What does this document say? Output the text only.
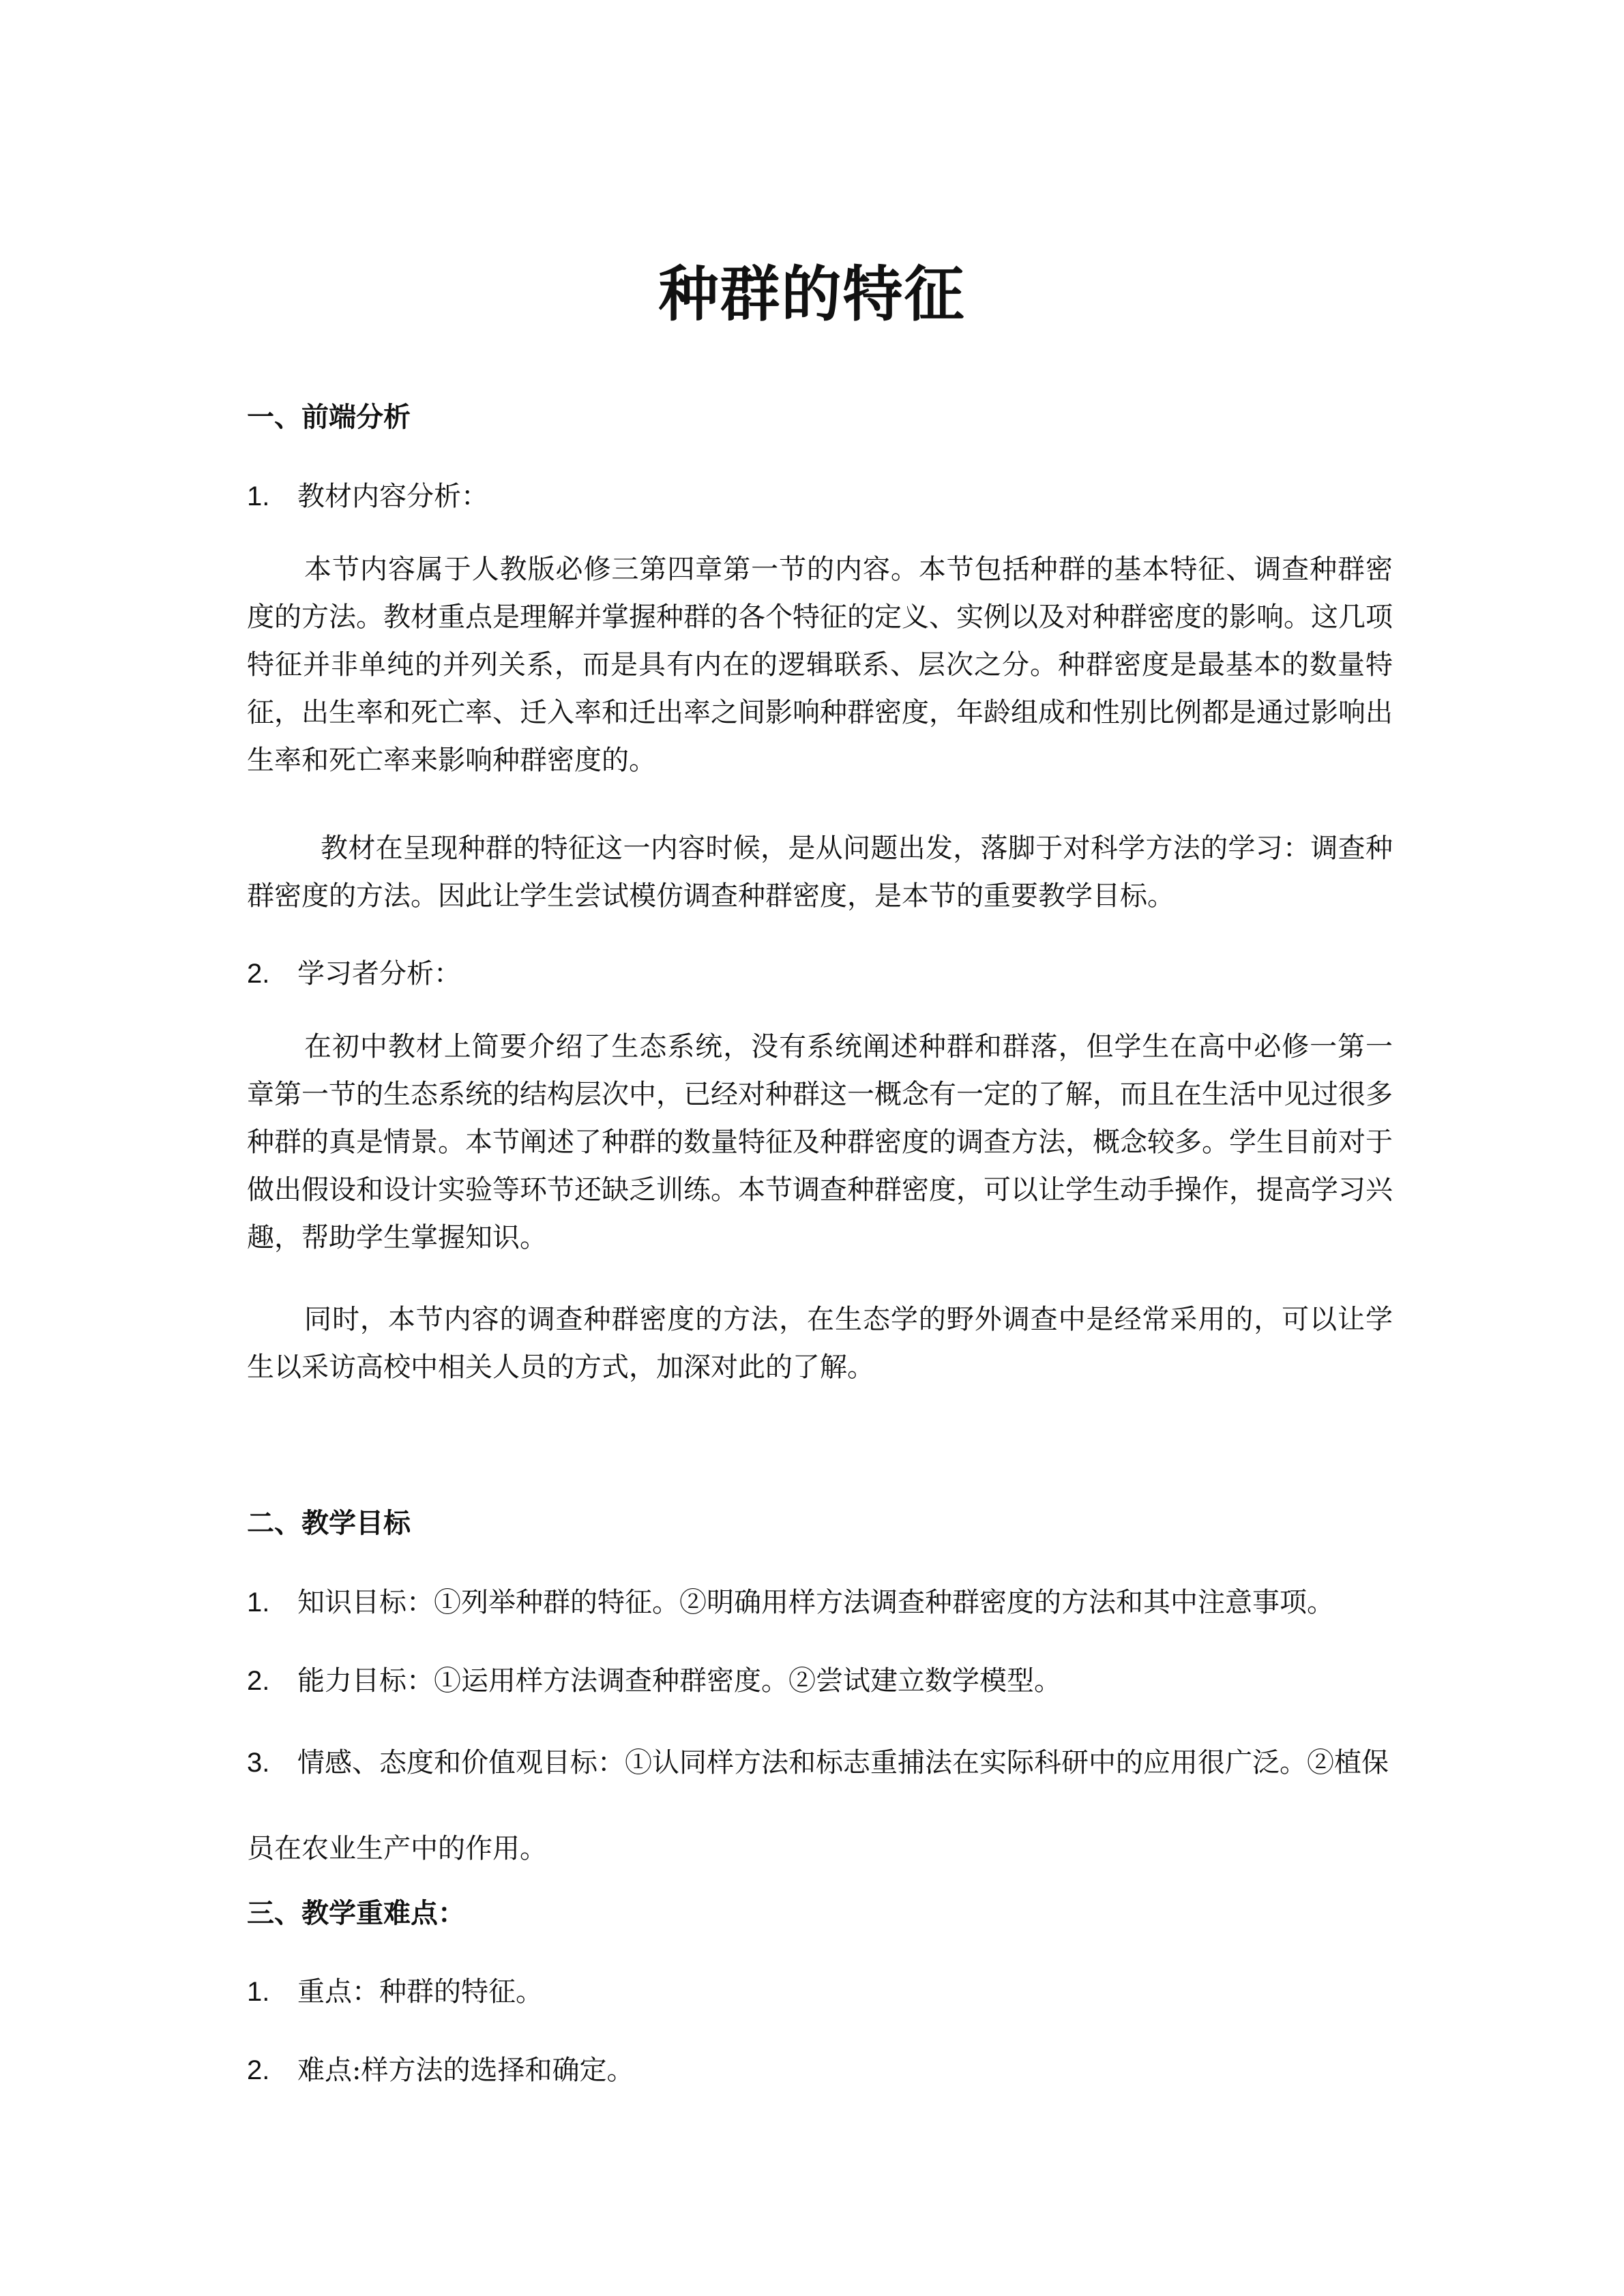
种群的特征
一、前端分析

1. 教材内容分析：

本节内容属于人教版必修三第四章第一节的内容。本节包括种群的基本特征、调查种群密度的方法。教材重点是理解并掌握种群的各个特征的定义、实例以及对种群密度的影响。这几项特征并非单纯的并列关系，而是具有内在的逻辑联系、层次之分。种群密度是最基本的数量特征，出生率和死亡率、迁入率和迁出率之间影响种群密度，年龄组成和性别比例都是通过影响出生率和死亡率来影响种群密度的。

教材在呈现种群的特征这一内容时候，是从问题出发，落脚于对科学方法的学习：调查种群密度的方法。因此让学生尝试模仿调查种群密度，是本节的重要教学目标。

2. 学习者分析：

在初中教材上简要介绍了生态系统，没有系统阐述种群和群落，但学生在高中必修一第一章第一节的生态系统的结构层次中，已经对种群这一概念有一定的了解，而且在生活中见过很多种群的真是情景。本节阐述了种群的数量特征及种群密度的调查方法，概念较多。学生目前对于做出假设和设计实验等环节还缺乏训练。本节调查种群密度，可以让学生动手操作，提高学习兴趣，帮助学生掌握知识。

同时，本节内容的调查种群密度的方法，在生态学的野外调查中是经常采用的，可以让学生以采访高校中相关人员的方式，加深对此的了解。

二、教学目标

1. 知识目标：①列举种群的特征。②明确用样方法调查种群密度的方法和其中注意事项。

2. 能力目标：①运用样方法调查种群密度。②尝试建立数学模型。

3. 情感、态度和价值观目标：①认同样方法和标志重捕法在实际科研中的应用很广泛。②植保员在农业生产中的作用。

三、教学重难点：

1. 重点：种群的特征。

2. 难点:样方法的选择和确定。
